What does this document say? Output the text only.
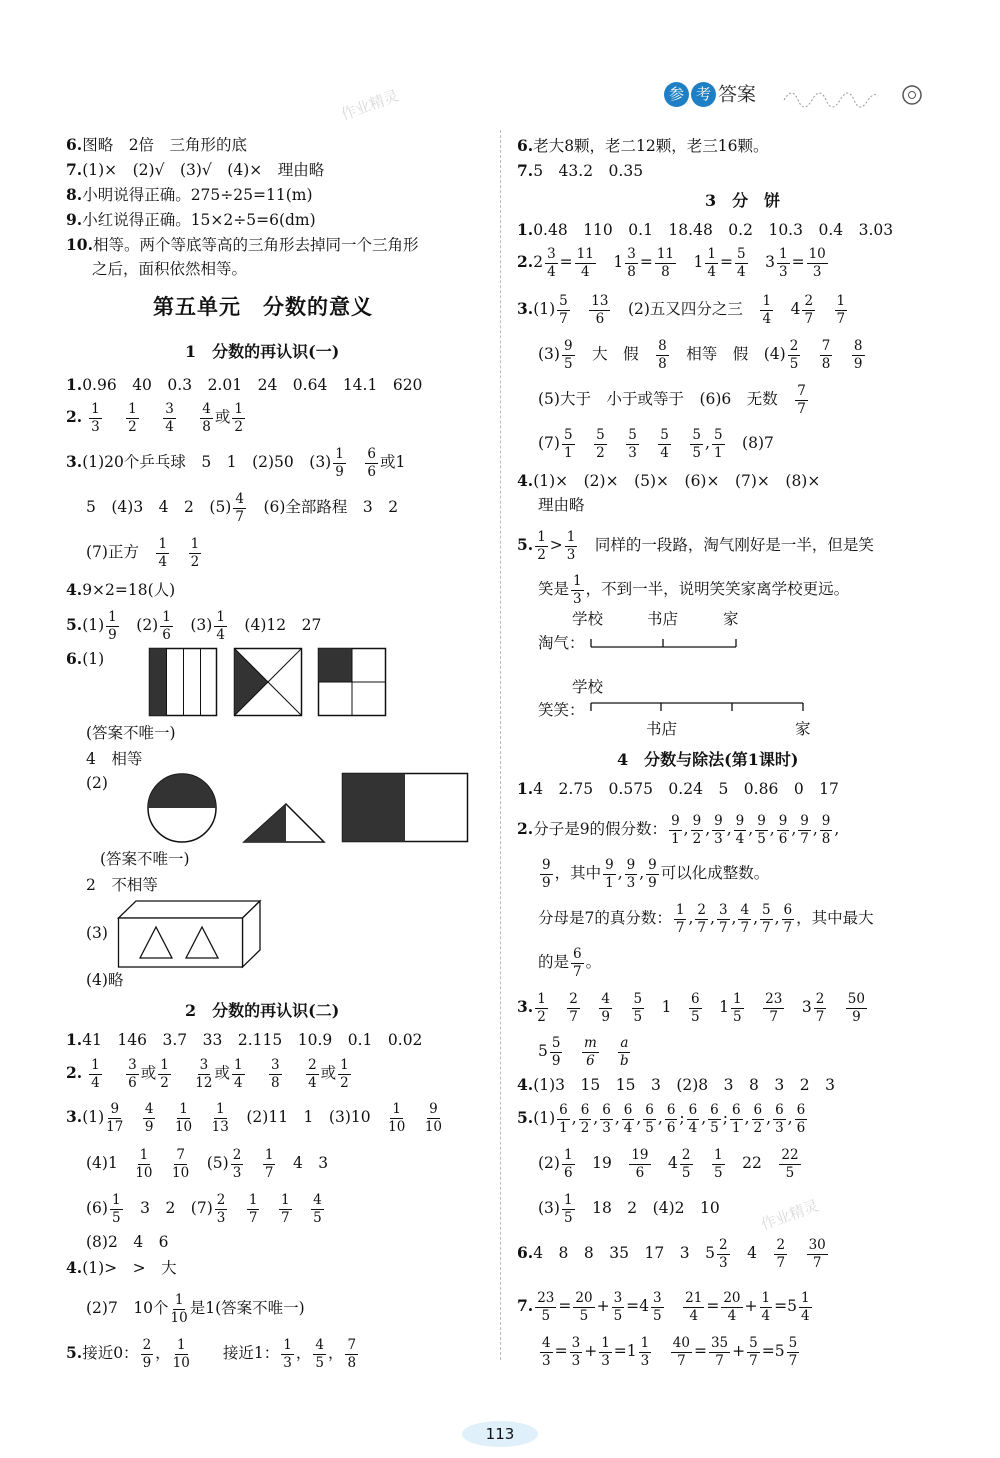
参 考 答案
作业精灵
作业精灵
6.图略　2倍　三角形的底
7.(1)×　(2)√　(3)√　(4)×　理由略
8.小明说得正确。275÷25=11(m)
9.小红说得正确。15×2÷5=6(dm)
10.相等。两个等底等高的三角形去掉同一个三角形
之后，面积依然相等。
第五单元　分数的意义
1　分数的再认识(一)
1.0.96　40　0.3　2.01　24　0.64　14.1　620
2. $\frac{1}{3}$
　 $\frac{1}{2}$
　 $\frac{3}{4}$
　 $\frac{4}{8}$ 或 $\frac{1}{2}$
3.(1)20个乒乓球　5　1　(2)50　$(3) \frac{1}{9}$
　 $\frac{6}{6}$ 或1
5　(4)3　4　2　$(5) \frac{4}{7}$
　 (6)全部路程　3　2
(7)正方　 $\frac{1}{4}$
　 $\frac{1}{2}$
4.9×2=18(人)
$5.(1) \frac{1}{9}$
　 $(2) \frac{1}{6}$
　 $(3) \frac{1}{4}$
　 (4)12　27
6.(1)
(答案不唯一)
4　相等
(2)
(答案不唯一)
2　不相等
(3)
(4)略
2　分数的再认识(二)
1.41　146　3.7　33　2.115　10.9　0.1　0.02
2. $\frac{1}{4}$
　 $\frac{3}{6}$ 或 $\frac{1}{2}$
　 $\frac{3}{12}$ 或 $\frac{1}{4}$
　 $\frac{3}{8}$
　 $\frac{2}{4}$ 或 $\frac{1}{2}$
$3.(1) \frac{9}{17}$
　 $\frac{4}{9}$
　 $\frac{1}{10}$
　 $\frac{1}{13}$
　 (2)11　1　(3)10　 $\frac{1}{10}$
　 $\frac{9}{10}$
(4)1　 $\frac{1}{10}$
　 $\frac{7}{10}$
　 $(5) \frac{2}{3}$
　 $\frac{1}{7}$
　 4　3
$(6) \frac{1}{5}$
　 3　2　$(7) \frac{2}{3}$
　 $\frac{1}{7}$
　 $\frac{1}{7}$
　 $\frac{4}{5}$
(8)2　4　6
4.(1)>　>　大
(2)7　10个 $\frac{1}{10}$ 是1(答案不唯一)
5.接近0： $\frac{2}{9}$ ， $\frac{1}{10}$
　　 接近1： $\frac{1}{3}$ ， $\frac{4}{5}$ ， $\frac{7}{8}$
6.老大8颗，老二12颗，老三16颗。
7.5　43.2　0.35
3　分　饼
1.0.48　110　0.1　18.48　0.2　10.3　0.4　3.03
$2.2 \frac{3}{4} = \frac{11}{4}$
　 $1 \frac{3}{8} = \frac{11}{8}$
　 $1 \frac{1}{4} = \frac{5}{4}$
　 $3 \frac{1}{3} = \frac{10}{3}$
$3.(1) \frac{5}{7}$
　 $\frac{13}{6}$
　 (2)五又四分之三　 $\frac{1}{4}$
　 $4 \frac{2}{7}$
　 $\frac{1}{7}$
$(3) \frac{9}{5}$
　 大　假　 $\frac{8}{8}$
　 相等　假　$(4) \frac{2}{5}$
　 $\frac{7}{8}$
　 $\frac{8}{9}$
(5)大于　小于或等于　(6)6　无数　 $\frac{7}{7}$
$(7) \frac{5}{1}$
　 $\frac{5}{2}$
　 $\frac{5}{3}$
　 $\frac{5}{4}$
　 $\frac{5}{5}$ , $\frac{5}{1}$
　 (8)7
4.(1)×　(2)×　(5)×　(6)×　(7)×　(8)×
理由略
5. $\frac{1}{2} > \frac{1}{3}$
　 同样的一段路，淘气刚好是一半，但是笑
笑是 $\frac{1}{3}$ ，不到一半，说明笑笑家离学校更远。
学校	书店	家
淘气：
学校
笑笑：
书店	家
4　分数与除法(第1课时)
1.4　2.75　0.575　0.24　5　0.86　0　17
2.分子是9的假分数： $\frac{9}{1}$ , $\frac{9}{2}$ , $\frac{9}{3}$ , $\frac{9}{4}$ , $\frac{9}{5}$ , $\frac{9}{6}$ , $\frac{9}{7}$ , $\frac{9}{8}$ ,
$\frac{9}{9}$ ，其中 $\frac{9}{1}$ , $\frac{9}{3}$ , $\frac{9}{9}$ 可以化成整数。
分母是7的真分数： $\frac{1}{7}$ , $\frac{2}{7}$ , $\frac{3}{7}$ , $\frac{4}{7}$ , $\frac{5}{7}$ , $\frac{6}{7}$ ，其中最大
的是 $\frac{6}{7}$ 。
3. $\frac{1}{2}$
　 $\frac{2}{7}$
　 $\frac{4}{9}$
　 $\frac{5}{5}$
　 1　 $\frac{6}{5}$
　 $1 \frac{1}{5}$
　 $\frac{23}{7}$
　 $3 \frac{2}{7}$
　 $\frac{50}{9}$
$5 \frac{5}{9}$
　 $\frac{m}{6}$
　 $\frac{a}{b}$
4.(1)3　15　15　3　(2)8　3　8　3　2　3
$5.(1) \frac{6}{1}$ , $\frac{6}{2}$ , $\frac{6}{3}$ , $\frac{6}{4}$ , $\frac{6}{5}$ , $\frac{6}{6}$ ; $\frac{6}{4}$ , $\frac{6}{5}$ ; $\frac{6}{1}$ , $\frac{6}{2}$ , $\frac{6}{3}$ , $\frac{6}{6}$
$(2) \frac{1}{6}$
　 19　 $\frac{19}{6}$
　 $4 \frac{2}{5}$
　 $\frac{1}{5}$
　 22　 $\frac{22}{5}$
$(3) \frac{1}{5}$
　 18　2　(4)2　10
6.4　8　8　35　17　3　$5 \frac{2}{3}$
　 4　 $\frac{2}{7}$
　 $\frac{30}{7}$
7. $\frac{23}{5} = \frac{20}{5} + \frac{3}{5} =4 \frac{3}{5}$
　 $\frac{21}{4} = \frac{20}{4} + \frac{1}{4} =5 \frac{1}{4}$
$\frac{4}{3} = \frac{3}{3} + \frac{1}{3} =1 \frac{1}{3}$
　 $\frac{40}{7} = \frac{35}{7} + \frac{5}{7} =5 \frac{5}{7}$
113
